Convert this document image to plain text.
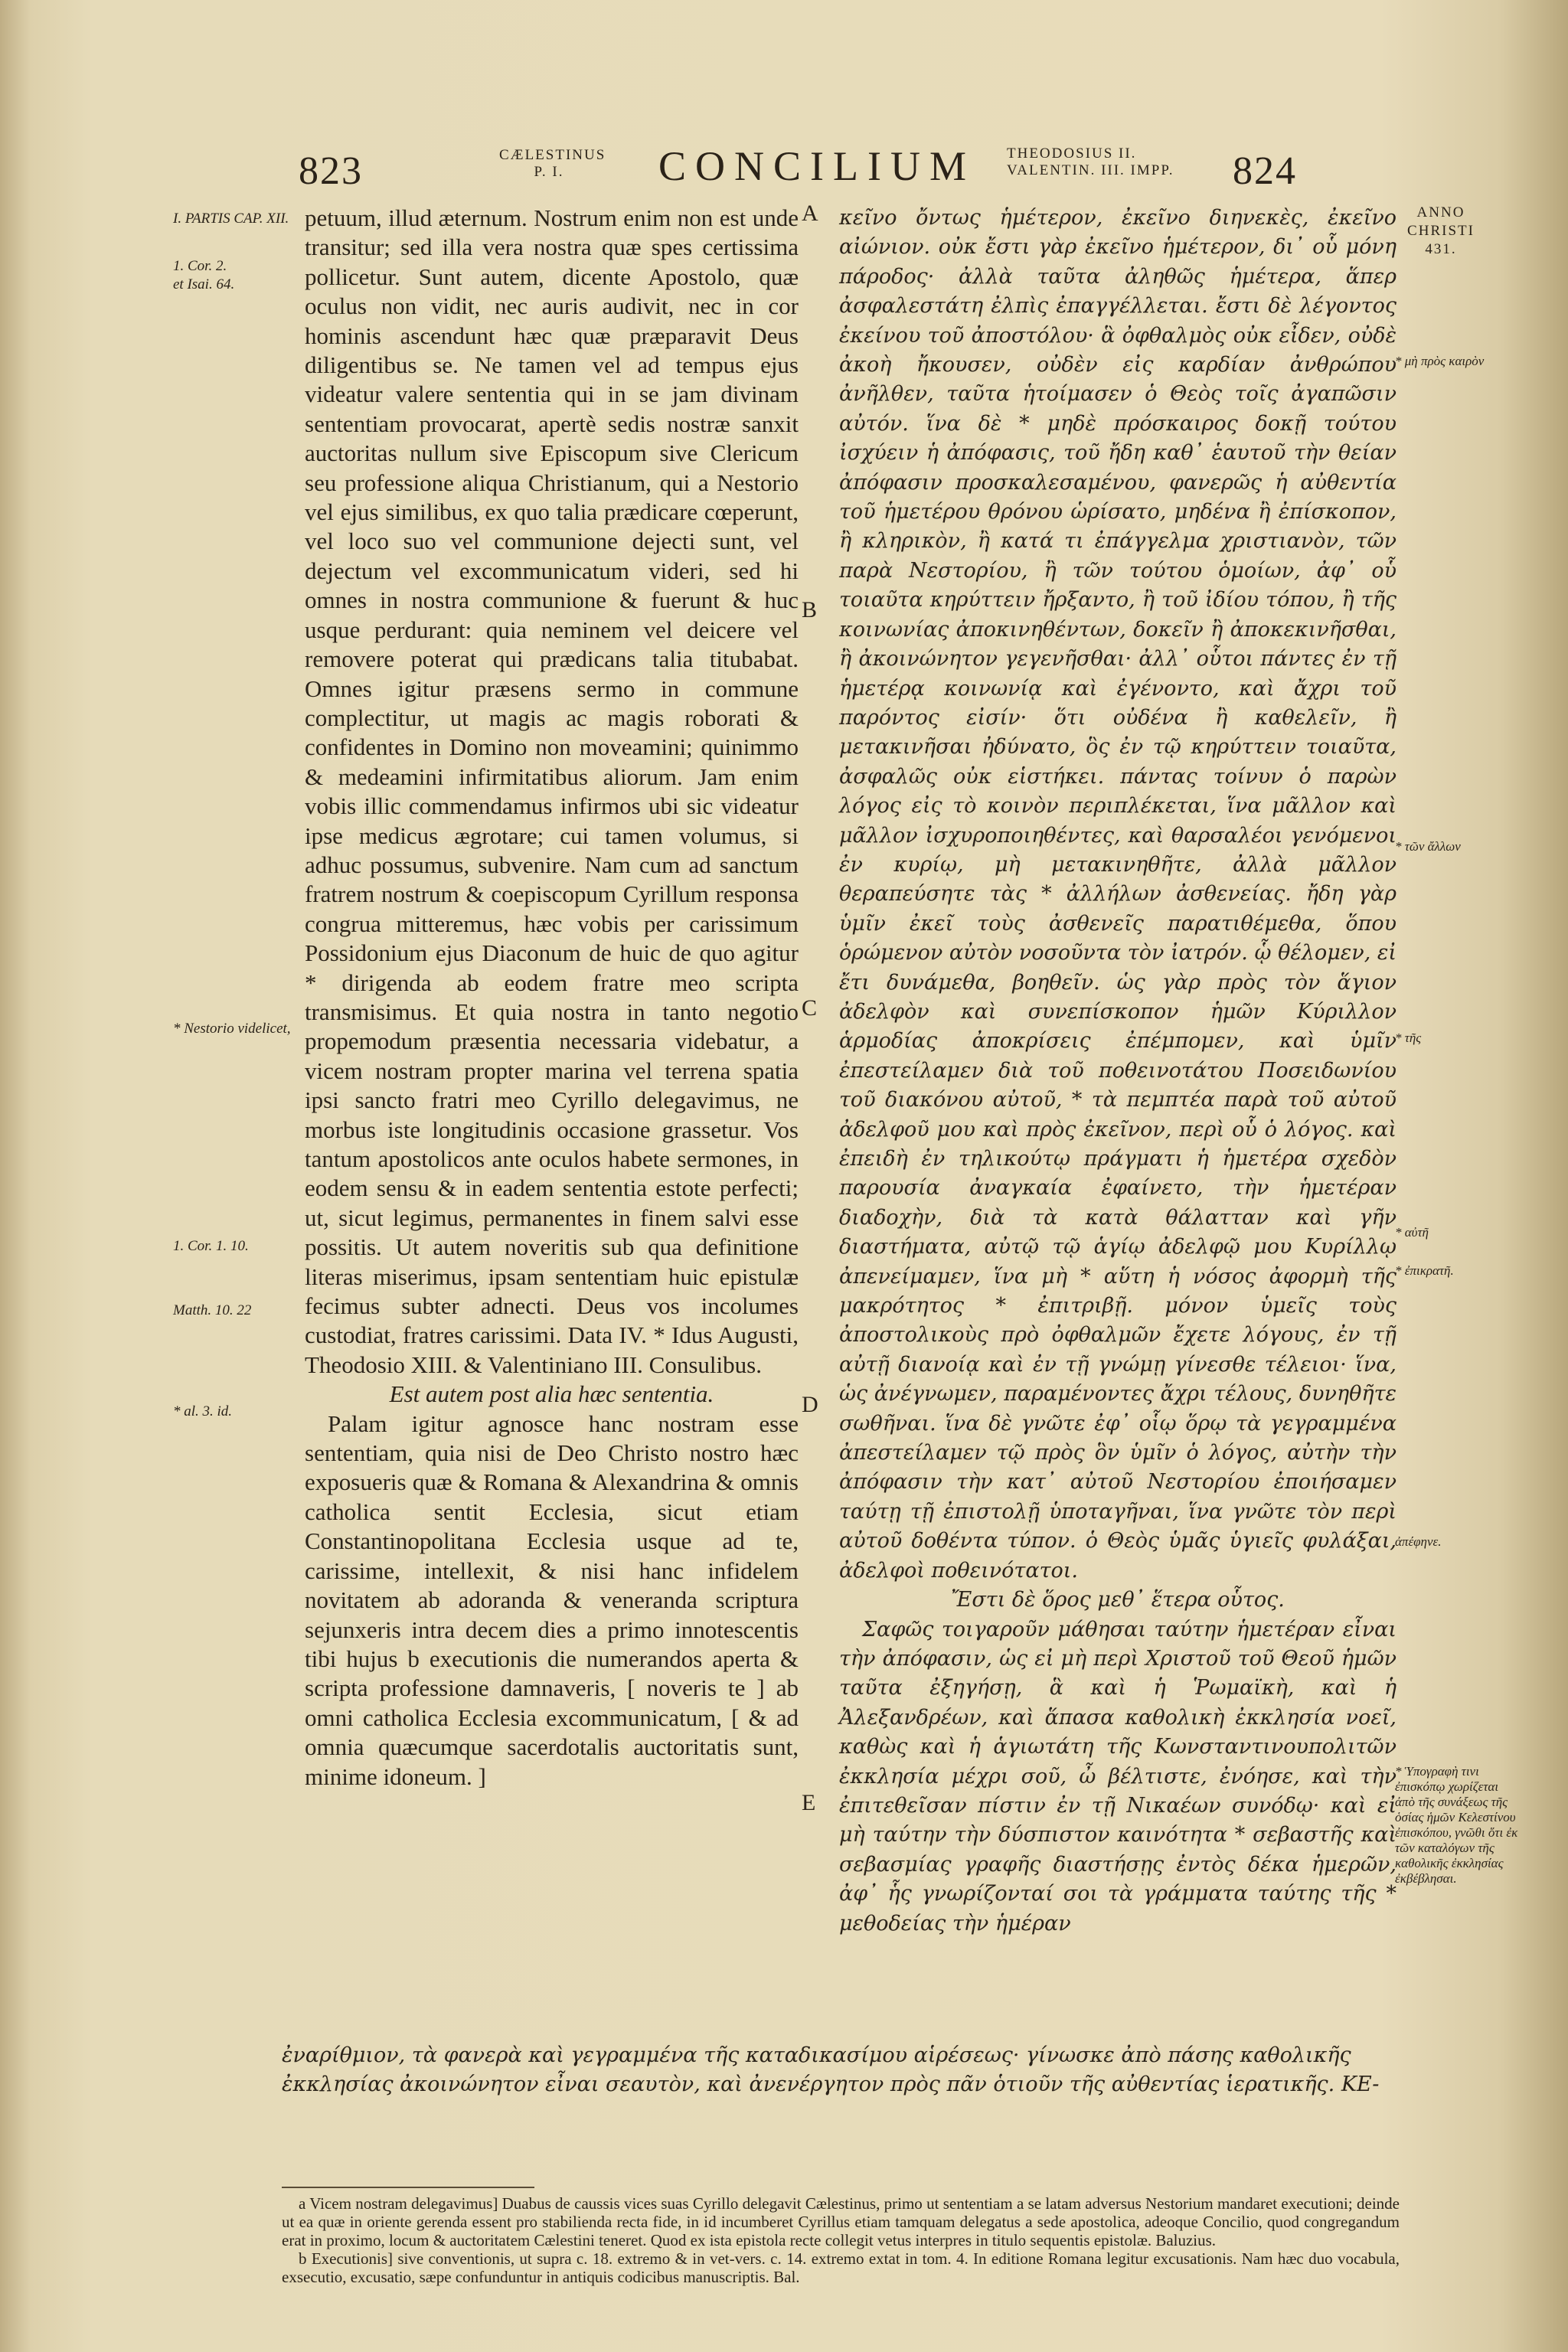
823	CÆLESTINUS P. I.	CONCILIUM THEODOSIUS II. VALENTIN. III. IMPP.	824
I. PARTIS CAP. XII.
1. Cor. 2.
et Isai. 64.
* Nestorio videlicet,
1. Cor. 1. 10.
Matth. 10. 22
* al. 3. id.
A
B
C
D
E

petuum, illud æternum. Nostrum enim non est unde transitur; sed illa vera nostra quæ spes certissima pollicetur. Sunt autem, dicente Apostolo, quæ oculus non vidit, nec auris audivit, nec in cor hominis ascendunt hæc quæ præparavit Deus diligentibus se. Ne tamen vel ad tempus ejus videatur valere sententia qui in se jam divinam sententiam provocarat, apertè sedis nostræ sanxit auctoritas nullum sive Episcopum sive Clericum seu professione aliqua Christianum, qui a Nestorio vel ejus similibus, ex quo talia prædicare cœperunt, vel loco suo vel communione dejecti sunt, vel dejectum vel excommunicatum videri, sed hi omnes in nostra communione & fuerunt & huc usque perdurant: quia neminem vel deicere vel removere poterat qui prædicans talia titubabat. Omnes igitur præsens sermo in commune complectitur, ut magis ac magis roborati & confidentes in Domino non moveamini; quinimmo & medeamini infirmitatibus aliorum. Jam enim vobis illic commendamus infirmos ubi sic videatur ipse medicus ægrotare; cui tamen volumus, si adhuc possumus, subvenire. Nam cum ad sanctum fratrem nostrum & coepiscopum Cyrillum responsa congrua mitteremus, hæc vobis per carissimum Possidonium ejus Diaconum de huic de quo agitur * dirigenda ab eodem fratre meo scripta transmisimus. Et quia nostra in tanto negotio propemodum præsentia necessaria videbatur, a vicem nostram propter marina vel terrena spatia ipsi sancto fratri meo Cyrillo delegavimus, ne morbus iste longitudinis occasione grassetur. Vos tantum apostolicos ante oculos habete sermones, in eodem sensu & in eadem sententia estote perfecti; ut, sicut legimus, permanentes in finem salvi esse possitis. Ut autem noveritis sub qua definitione literas miserimus, ipsam sententiam huic epistulæ fecimus subter adnecti. Deus vos incolumes custodiat, fratres carissimi. Data IV. * Idus Augusti, Theodosio XIII. & Valentiniano III. Consulibus.

Est autem post alia hæc sententia.

Palam igitur agnosce hanc nostram esse sententiam, quia nisi de Deo Christo nostro hæc exposueris quæ & Romana & Alexandrina & omnis catholica sentit Ecclesia, sicut etiam Constantinopolitana Ecclesia usque ad te, carissime, intellexit, & nisi hanc infidelem novitatem ab adoranda & veneranda scriptura sejunxeris intra decem dies a primo innotescentis tibi hujus b executionis die numerandos aperta & scripta professione damnaveris, [ noveris te ] ab omni catholica Ecclesia excommunicatum, [ & ad omnia quæcumque sacerdotalis auctoritatis sunt, minime idoneum. ]

κεῖνο ὄντως ἡμέτερον, ἐκεῖνο διηνεκὲς, ἐκεῖνο αἰώνιον. οὐκ ἔστι γὰρ ἐκεῖνο ἡμέτερον, δι᾽ οὗ μόνη πάροδος· ἀλλὰ ταῦτα ἀληθῶς ἡμέτερα, ἅπερ ἀσφαλεστάτη ἐλπὶς ἐπαγγέλλεται. ἔστι δὲ λέγοντος ἐκείνου τοῦ ἀποστόλου· ἃ ὀφθαλμὸς οὐκ εἶδεν, οὐδὲ ἀκοὴ ἤκουσεν, οὐδὲν εἰς καρδίαν ἀνθρώπου ἀνῆλθεν, ταῦτα ἡτοίμασεν ὁ Θεὸς τοῖς ἀγαπῶσιν αὐτόν. ἵνα δὲ * μηδὲ πρόσκαιρος δοκῇ τούτου ἰσχύειν ἡ ἀπόφασις, τοῦ ἤδη καθ᾽ ἑαυτοῦ τὴν θείαν ἀπόφασιν προσκαλεσαμένου, φανερῶς ἡ αὐθεντία τοῦ ἡμετέρου θρόνου ὡρίσατο, μηδένα ἢ ἐπίσκοπον, ἢ κληρικὸν, ἢ κατά τι ἐπάγγελμα χριστιανὸν, τῶν παρὰ Νεστορίου, ἢ τῶν τούτου ὁμοίων, ἀφ᾽ οὗ τοιαῦτα κηρύττειν ἤρξαντο, ἢ τοῦ ἰδίου τόπου, ἢ τῆς κοινωνίας ἀποκινηθέντων, δοκεῖν ἢ ἀποκεκινῆσθαι, ἢ ἀκοινώνητον γεγενῆσθαι· ἀλλ᾽ οὗτοι πάντες ἐν τῇ ἡμετέρᾳ κοινωνίᾳ καὶ ἐγένοντο, καὶ ἄχρι τοῦ παρόντος εἰσίν· ὅτι οὐδένα ἢ καθελεῖν, ἢ μετακινῆσαι ἠδύνατο, ὃς ἐν τῷ κηρύττειν τοιαῦτα, ἀσφαλῶς οὐκ εἱστήκει. πάντας τοίνυν ὁ παρὼν λόγος εἰς τὸ κοινὸν περιπλέκεται, ἵνα μᾶλλον καὶ μᾶλλον ἰσχυροποιηθέντες, καὶ θαρσαλέοι γενόμενοι ἐν κυρίῳ, μὴ μετακινηθῆτε, ἀλλὰ μᾶλλον θεραπεύσητε τὰς * ἀλλήλων ἀσθενείας. ἤδη γὰρ ὑμῖν ἐκεῖ τοὺς ἀσθενεῖς παρατιθέμεθα, ὅπου ὁρώμενον αὐτὸν νοσοῦντα τὸν ἰατρόν. ᾧ θέλομεν, εἰ ἔτι δυνάμεθα, βοηθεῖν. ὡς γὰρ πρὸς τὸν ἅγιον ἀδελφὸν καὶ συνεπίσκοπον ἡμῶν Κύριλλον ἁρμοδίας ἀποκρίσεις ἐπέμπομεν, καὶ ὑμῖν ἐπεστείλαμεν διὰ τοῦ ποθεινοτάτου Ποσειδωνίου τοῦ διακόνου αὐτοῦ, * τὰ πεμπτέα παρὰ τοῦ αὐτοῦ ἀδελφοῦ μου καὶ πρὸς ἐκεῖνον, περὶ οὗ ὁ λόγος. καὶ ἐπειδὴ ἐν τηλικούτῳ πράγματι ἡ ἡμετέρα σχεδὸν παρουσία ἀναγκαία ἐφαίνετο, τὴν ἡμετέραν διαδοχὴν, διὰ τὰ κατὰ θάλατταν καὶ γῆν διαστήματα, αὐτῷ τῷ ἁγίῳ ἀδελφῷ μου Κυρίλλῳ ἀπενείμαμεν, ἵνα μὴ * αὕτη ἡ νόσος ἀφορμὴ τῆς μακρότητος * ἐπιτριβῇ. μόνον ὑμεῖς τοὺς ἀποστολικοὺς πρὸ ὀφθαλμῶν ἔχετε λόγους, ἐν τῇ αὐτῇ διανοίᾳ καὶ ἐν τῇ γνώμῃ γίνεσθε τέλειοι· ἵνα, ὡς ἀνέγνωμεν, παραμένοντες ἄχρι τέλους, δυνηθῆτε σωθῆναι. ἵνα δὲ γνῶτε ἐφ᾽ οἷῳ ὅρῳ τὰ γεγραμμένα ἀπεστείλαμεν τῷ πρὸς ὃν ὑμῖν ὁ λόγος, αὐτὴν τὴν ἀπόφασιν τὴν κατ᾽ αὐτοῦ Νεστορίου ἐποιήσαμεν ταύτῃ τῇ ἐπιστολῇ ὑποταγῆναι, ἵνα γνῶτε τὸν περὶ αὐτοῦ δοθέντα τύπον. ὁ Θεὸς ὑμᾶς ὑγιεῖς φυλάξαι, ἀδελφοὶ ποθεινότατοι.

Ἔστι δὲ ὅρος μεθ᾽ ἕτερα οὗτος.

Σαφῶς τοιγαροῦν μάθησαι ταύτην ἡμετέραν εἶναι τὴν ἀπόφασιν, ὡς εἰ μὴ περὶ Χριστοῦ τοῦ Θεοῦ ἡμῶν ταῦτα ἐξηγήσῃ, ἃ καὶ ἡ Ῥωμαϊκὴ, καὶ ἡ Ἀλεξανδρέων, καὶ ἅπασα καθολικὴ ἐκκλησία νοεῖ, καθὼς καὶ ἡ ἁγιωτάτη τῆς Κωνσταντινουπολιτῶν ἐκκλησία μέχρι σοῦ, ὦ βέλτιστε, ἐνόησε, καὶ τὴν ἐπιτεθεῖσαν πίστιν ἐν τῇ Νικαέων συνόδῳ· καὶ εἰ μὴ ταύτην τὴν δύσπιστον καινότητα * σεβαστῆς καὶ σεβασμίας γραφῆς διαστήσῃς ἐντὸς δέκα ἡμερῶν, ἀφ᾽ ἧς γνωρίζονταί σοι τὰ γράμματα ταύτης τῆς * μεθοδείας τὴν ἡμέραν

ANNO CHRISTI 431.
* μὴ πρὸς καιρὸν
* τῶν ἄλλων
* τῆς
* αὐτῆ
* ἐπικρατῆ.
ἀπέφηνε.
* Ὑπογραφὴ τινι ἐπισκόπῳ χωρίζεται ἀπὸ τῆς συνάξεως τῆς ὁσίας ἡμῶν Κελεστίνου ἐπισκόπου, γνῶθι ὅτι ἐκ τῶν καταλόγων τῆς καθολικῆς ἐκκλησίας ἐκβέβλησαι.
ἐναρίθμιον, τὰ φανερὰ καὶ γεγραμμένα τῆς καταδικασίμου αἱρέσεως· γίνωσκε ἀπὸ πάσης καθολικῆς ἐκκλησίας ἀκοινώνητον εἶναι σεαυτὸν, καὶ ἀνενέργητον πρὸς πᾶν ὁτιοῦν τῆς αὐθεντίας ἱερατικῆς. KE-

a Vicem nostram delegavimus] Duabus de caussis vices suas Cyrillo delegavit Cælestinus, primo ut sententiam a se latam adversus Nestorium mandaret executioni; deinde ut ea quæ in oriente gerenda essent pro stabilienda recta fide, in id incumberet Cyrillus etiam tamquam delegatus a sede apostolica, adeoque Concilio, quod congregandum erat in proximo, locum & auctoritatem Cælestini teneret. Quod ex ista epistola recte collegit vetus interpres in titulo sequentis epistolæ. Baluzius.

b Executionis] sive conventionis, ut supra c. 18. extremo & in vet-vers. c. 14. extremo extat in tom. 4. In editione Romana legitur excusationis. Nam hæc duo vocabula, exsecutio, excusatio, sæpe confunduntur in antiquis codicibus manuscriptis. Bal.
